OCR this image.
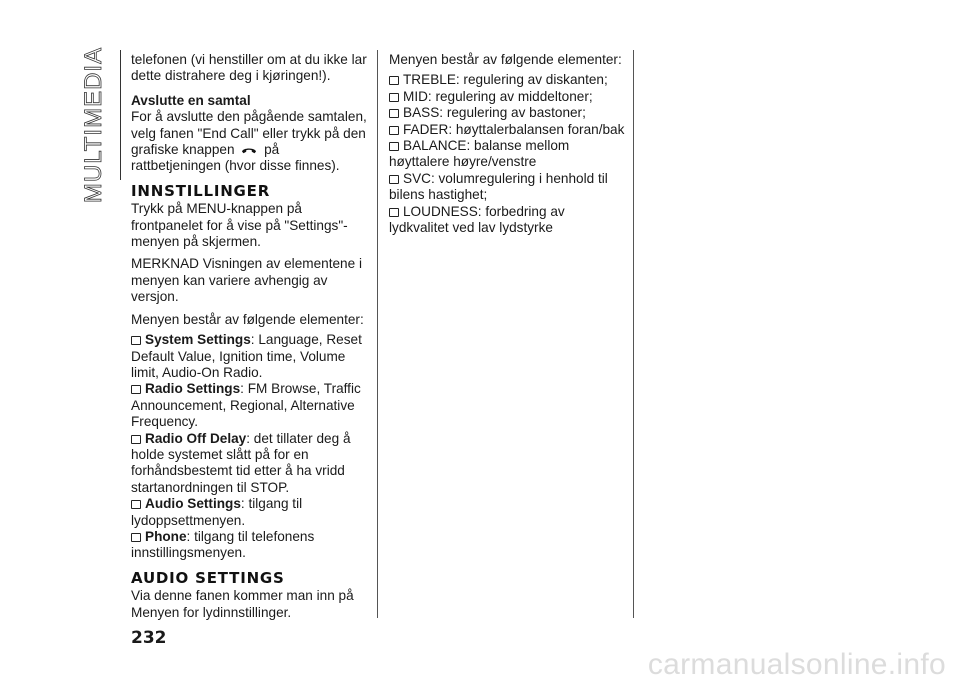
MULTIMEDIA telefonen (vi henstiller om at du ikke lar dette distrahere deg i kjøringen!).

Avslutte en samtal

For å avslutte den pågående samtalen, velg fanen "End Call" eller trykk på den grafiske knappen på rattbetjeningen (hvor disse finnes).

INNSTILLINGER

Trykk på MENU-knappen på frontpanelet for å vise på "Settings"-menyen på skjermen.

MERKNAD Visningen av elementene i menyen kan variere avhengig av versjon.

Menyen består av følgende elementer:

System Settings: Language, Reset Default Value, Ignition time, Volume limit, Audio-On Radio.
Radio Settings: FM Browse, Traffic Announcement, Regional, Alternative Frequency.
Radio Off Delay: det tillater deg å holde systemet slått på for en forhåndsbestemt tid etter å ha vridd startanordningen til STOP.
Audio Settings: tilgang til lydoppsettmenyen.
Phone: tilgang til telefonens innstillingsmenyen.
AUDIO SETTINGS

Via denne fanen kommer man inn på Menyen for lydinnstillinger.

Menyen består av følgende elementer:

TREBLE: regulering av diskanten;
MID: regulering av middeltoner;
BASS: regulering av bastoner;
FADER: høyttalerbalansen foran/bak
BALANCE: balanse mellom høyttalere høyre/venstre
SVC: volumregulering i henhold til bilens hastighet;
LOUDNESS: forbedring av lydkvalitet ved lav lydstyrke
232
carmanualsonline.info
